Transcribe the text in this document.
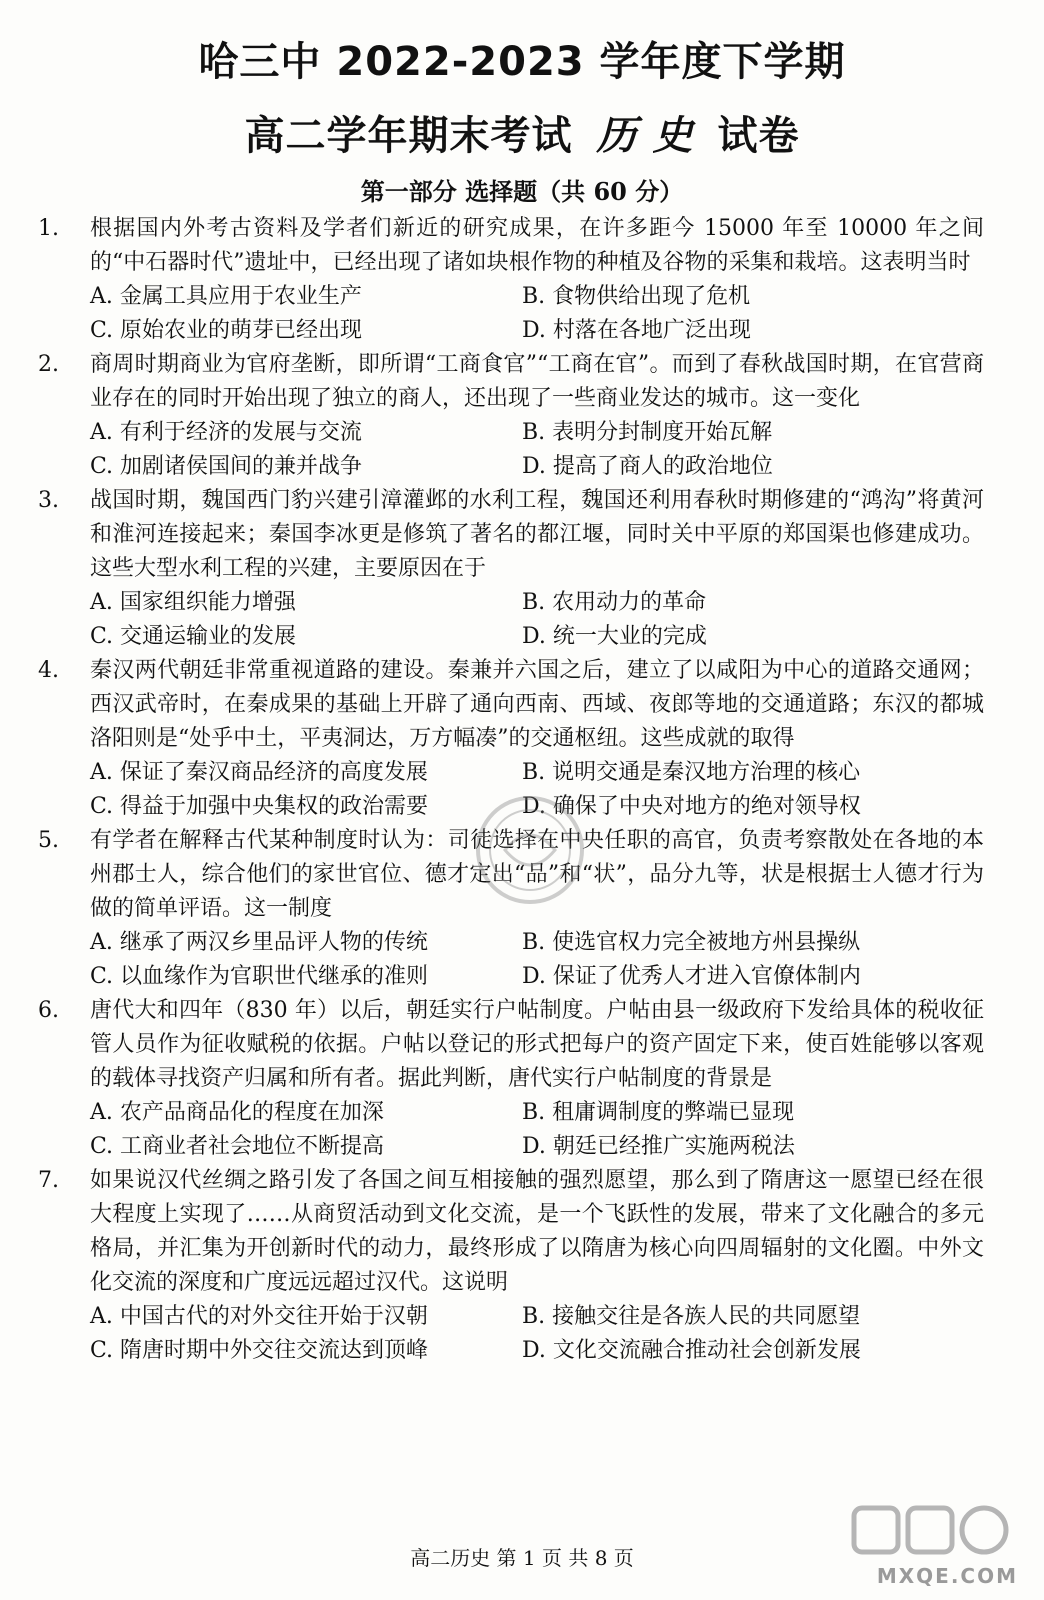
哈三中 2022-2023 学年度下学期
高二学年期末考试 历 史 试卷
第一部分 选择题（共 60 分）
1. 根据国内外考古资料及学者们新近的研究成果，在许多距今 15000 年至 10000 年之间的“中石器时代”遗址中，已经出现了诸如块根作物的种植及谷物的采集和栽培。这表明当时
A. 金属工具应用于农业生产	B. 食物供给出现了危机
C. 原始农业的萌芽已经出现	D. 村落在各地广泛出现
2. 商周时期商业为官府垄断，即所谓“工商食官”“工商在官”。而到了春秋战国时期，在官营商业存在的同时开始出现了独立的商人，还出现了一些商业发达的城市。这一变化
A. 有利于经济的发展与交流	B. 表明分封制度开始瓦解
C. 加剧诸侯国间的兼并战争	D. 提高了商人的政治地位
3. 战国时期，魏国西门豹兴建引漳灌邺的水利工程，魏国还利用春秋时期修建的“鸿沟”将黄河和淮河连接起来；秦国李冰更是修筑了著名的都江堰，同时关中平原的郑国渠也修建成功。这些大型水利工程的兴建，主要原因在于
A. 国家组织能力增强	B. 农用动力的革命
C. 交通运输业的发展	D. 统一大业的完成
4. 秦汉两代朝廷非常重视道路的建设。秦兼并六国之后，建立了以咸阳为中心的道路交通网；西汉武帝时，在秦成果的基础上开辟了通向西南、西域、夜郎等地的交通道路；东汉的都城洛阳则是“处乎中土，平夷洞达，万方幅凑”的交通枢纽。这些成就的取得
A. 保证了秦汉商品经济的高度发展	B. 说明交通是秦汉地方治理的核心
C. 得益于加强中央集权的政治需要	D. 确保了中央对地方的绝对领导权
5. 有学者在解释古代某种制度时认为：司徒选择在中央任职的高官，负责考察散处在各地的本州郡士人，综合他们的家世官位、德才定出“品”和“状”，品分九等，状是根据士人德才行为做的简单评语。这一制度
A. 继承了两汉乡里品评人物的传统	B. 使选官权力完全被地方州县操纵
C. 以血缘作为官职世代继承的准则	D. 保证了优秀人才进入官僚体制内
6. 唐代大和四年（830 年）以后，朝廷实行户帖制度。户帖由县一级政府下发给具体的税收征管人员作为征收赋税的依据。户帖以登记的形式把每户的资产固定下来，使百姓能够以客观的载体寻找资产归属和所有者。据此判断，唐代实行户帖制度的背景是
A. 农产品商品化的程度在加深	B. 租庸调制度的弊端已显现
C. 工商业者社会地位不断提高	D. 朝廷已经推广实施两税法
7. 如果说汉代丝绸之路引发了各国之间互相接触的强烈愿望，那么到了隋唐这一愿望已经在很大程度上实现了……从商贸活动到文化交流，是一个飞跃性的发展，带来了文化融合的多元格局，并汇集为开创新时代的动力，最终形成了以隋唐为核心向四周辐射的文化圈。中外文化交流的深度和广度远远超过汉代。这说明
A. 中国古代的对外交往开始于汉朝	B. 接触交往是各族人民的共同愿望
C. 隋唐时期中外交往交流达到顶峰	D. 文化交流融合推动社会创新发展
高二历史 第 1 页 共 8 页
MXQE.COM
